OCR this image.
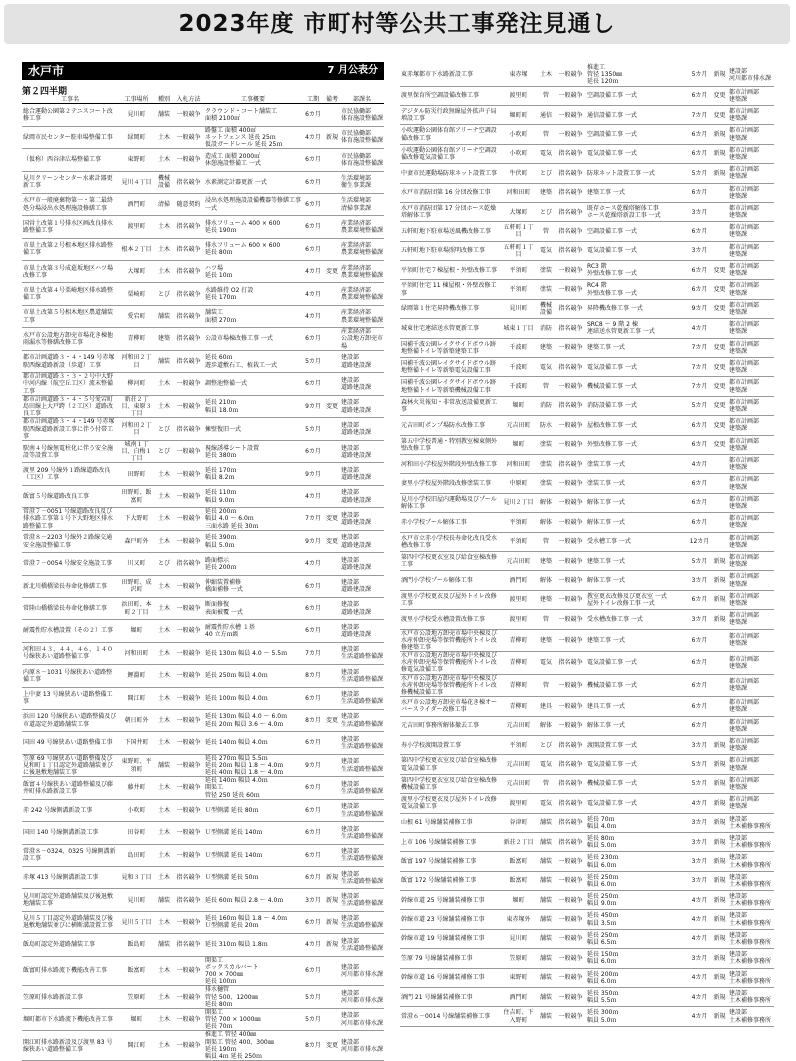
2023年度 市町村等公共工事発注見通し
水戸市	7 月公表分
第２四半期
工事名	工事場所	種別	入札方法	工事概要	工期	備考	部課名
総合運動公園第２テニスコート改修工事	見川町	舗装	一般競争	クラウンド・コート舗装工
面積 2100㎡	6カ月		市民協働部
体育施設整備課
緑岡市民センター駐車場整備工事	緑岡町	土木	一般競争	路盤工 面積 400㎡
ネットフェンス 延長 25ｍ
仮設ガードレール 延長 25ｍ	4カ月	新規	市民協働部
体育施設整備課
（仮称）西谷津広場整備工事	東野町	土木	一般競争	造成工 面積 2000㎡
休憩施設整備工 一式	6カ月		市民協働部
体育施設整備課
見川クリーンセンター水素計器更新工事	見川４丁目	機械設備	指名競争	水素測定計器更新 一式	6カ月		生活環境部
衛生事業課
水戸市一般廃棄物第一・第二最終処分場浸出水処理施設修繕工事	酒門町	清掃	随意契約	浸出水処理施設設備機器等修繕工事 一式	6カ月		生活環境部
清掃事業課
国営土改第１号排水区画改良排水路整備工事	渡里町	土木	指名競争	排水フリューム 400 × 600
延長 190ｍ	6カ月		産業経済部
農業環境整備課
市単土改第２号根本地区排水路整備工事	根本２丁目	土木	指名競争	排水フリューム 600 × 600
延長 80ｍ	6カ月		産業経済部
農業環境整備課
市単土改第３号成莚坂地区ハツ場改修工事	大塚町	土木	指名競争	ハツ場
延長 10ｍ	4カ月	変更	産業経済部
農業環境整備課
市単土改第４号栗崎地区排水路整備工事	栗崎町	とび	指名競争	水路維持 O2 打設
延長 170ｍ	4カ月		産業経済部
農業環境整備課
市単土改第５号相木地区農道舗装工事	愛宕町	舗装	指名競争	舗装工
面積 270ｍ	4カ月		産業経済部
農業環境整備課
水戸市公設地方卸売市場花き棟他雨漏水等修繕改修工事	青柳町	建築	指名競争	公設市場棟改修工事 一式	6カ月		産業経済部
公設地方卸売市場
都市計画道路３・４・149 号赤塚駅西線道路新設（歩道）工事	河和田２丁目	舗装	指名競争	延長 60ｍ
遊歩道敷石工、植栽工一式	5カ月		建設部
道路建設課
都市計画道路３・３・２号中大野中河内線（航空丘工区）流末整備工事	柳河町	土木	一般競争	調整池整備一式	6カ月		建設部
道路建設課
都市計画道路３・４・５号愛宕町島田線上大戸跨（２工区）道路改良工事	新荘２丁目、東原３丁目	土木	一般競争	延長 210ｍ
幅員 18.0ｍ	9カ月	変更	建設部
道路建設課
都市計画道路３・４・149 号赤塚駅西線道路新設工事に伴う付帯工事	河和田２丁目	とび	指名競争	擁壁復旧一式	5カ月		建設部
道路建設課
駅南４号線無電柱化に伴う安全施設等設置工事	城南１丁目、白梅１丁目	とび	一般競争	視線誘導シート設置
延長 380ｍ	6カ月		建設部
道路建設課
渡里 209 号線外１路線道路改良（工区）工事	田野町	土木	一般競争	延長 170ｍ
幅員 8.2ｍ	9カ月		建設部
道路建設課
飯富５号線道路改良工事	田野町、飯富町	土木	一般競争	延長 110ｍ
幅員 9.0ｍ	4カ月		建設部
道路建設課
常澄７－0051 号線道路改良及び排水路工事第１号下大野地区排水路整備工事	下大野町	土木	一般競争	延長 200ｍ
幅員 4.0 ～ 6.0ｍ
三面水路 延長 30ｍ	7カ月	変更	建設部
道路建設課
常澄８－2203 号線外２路線交通安全施設整備工事	森戸町外	土木	一般競争	延長 390ｍ
幅員 5.0ｍ	9カ月	変更	建設部
道路建設課
常澄７－0054 号線安全施設工事	川又町	とび	指名競争	路面標示
延長 200ｍ	4カ月		建設部
道路建設課
新北川橋橋梁長寿命化修繕工事	田野町、成沢町	土木	一般競争	伸縮装置補修
橋面補修 一式	6カ月		建設部
道路建設課
常陸山橋橋梁長寿命化修繕工事	浜田町、本町２丁目	土木	一般競争	断面修復
表面被覆 一式	6カ月		建設部
道路建設課
耐震性貯水槽設置（その２）工事	堀町	土木	一般競争	耐震性貯水槽 １基
40 立方ｍ級	6カ月		建設部
道路建設課
河和田４３、４４、４６、１４０号線狭あい道路整備工事	河和田町	土木	一般競争	延長 130ｍ 幅員 4.0 ～ 5.5ｍ	7カ月		建設部
生活道路整備課
内原８－1031 号線狭あい道路整備工事	鯉淵町	土木	一般競争	延長 250ｍ 幅員 4.0ｍ	8カ月		建設部
生活道路整備課
上中妻 13 号線狭あい道路整備工事	開江町	土木	一般競争	延長 100ｍ 幅員 4.0ｍ	6カ月		建設部
生活道路整備課
浜田 120 号線狭あい道路整備及び市道認定外道路舗装工事	朝日町外	土木	一般競争	延長 130ｍ 幅員 4.0 ～ 6.0ｍ
延長 20ｍ 幅員 3.6 ～ 4.0ｍ	8カ月	変更	建設部
生活道路整備課
国田 49 号線狭あい道路整備工事	下国井町	土木	一般競争	延長 140ｍ 幅員 4.0ｍ	6カ月		建設部
生活道路整備課
笠原 69 号線狭あい道路整備及び見和町１丁目認定外道路舗装並びに後退敷地舗装工事	東野町、平須町	舗装	一般競争	延長 270ｍ 幅員 5.5ｍ
延長 20ｍ 幅員 1.8 ～ 4.0ｍ
延長 40ｍ 幅員 1.8 ～ 4.0ｍ	9カ月		建設部
生活道路整備課
飯富４号線狭あい道路整備及び藤井町排水路新設工事	藤井町	土木	一般競争	延長 140ｍ 幅員 4.0ｍ
開渠工
管径 250 延長 60ｍ	6カ月		建設部
生活道路整備課
赤 242 号線側溝新設工事	小吹町	土木	一般競争	Ｕ型側溝 延長 80ｍ	6カ月		建設部
生活道路整備課
国田 140 号線側溝新設工事	田谷町	土木	一般競争	Ｕ型側溝 延長 140ｍ	6カ月		建設部
生活道路整備課
常澄８－0324、0325 号線側溝新設工事	島田町	土木	一般競争	Ｕ型側溝 延長 140ｍ	6カ月		建設部
生活道路整備課
赤塚 413 号線側溝新設工事	見和３丁目	土木	指名競争	Ｕ型側溝 延長 50ｍ	6カ月	新規	建設部
生活道路整備課
見川町認定外道路舗装及び後退敷地舗装工事	見川町	舗装	指名競争	延長 60ｍ 幅員 2.8 ～ 4.0ｍ	3カ月	新規	建設部
生活道路整備課
見川５丁目認定外道路舗装及び後退敷地舗装並びに横断溝設置工事	見川５丁目	土木	一般競争	延長 160ｍ 幅員 1.8 ～ 4.0ｍ
Ｕ型側溝 延長 20ｍ	6カ月	新規	建設部
生活道路整備課
飯島町認定外道路舗装工事	飯島町	舗装	指名競争	延長 310ｍ 幅員 1.8ｍ	4カ月	新規	建設部
生活道路整備課
飯富町排水路流下機能改善工事	飯富町	土木	一般競争	開渠工
ボックスカルバート
700 × 700㎜
延長 100ｍ	6カ月		建設部
河川都市排水課
笠原町排水路新設工事	笠原町	土木	一般競争	排水樋管
管径 500、1200㎜
延長 80ｍ	5カ月		建設部
河川都市排水課
堀町都市下水路流下機能改善工事	堀町	土木	一般競争	開渠工
管径 700 × 1000㎜
延長 70ｍ	5カ月		建設部
河川都市排水課
開江町排水路新設及び渡里 83 号線狭あい道路整備工事	開江町	土木	一般競争	推進工 管径 400㎜
開渠工 管径 400、300㎜
延長 190ｍ
幅員 4ｍ 延長 250ｍ	8カ月	変更	建設部
河川都市排水課
東赤塚都市下水路新設工事	東赤塚	土木	一般競争	推進工
管径 1350㎜
延長 120ｍ	5カ月	新規	建設部
河川都市排水課
渡里保育所空調設備改修工事	渡里町	管	一般競争	空調設備工事 一式	6カ月	変更	都市計画部
建築課
デジタル防災行政無線屋外拡声子局増設工事	堀町町	通信	一般競争	通信設備工事 一式	7カ月	変更	都市計画部
建築課
小吹運動公園体育館アリーナ空調設備改修工事	小吹町	管	一般競争	空調設備工事 一式	6カ月	新規	都市計画部
建築課
小吹運動公園体育館アリーナ空調設備改修電気設備工事	小吹町	電気	指名競争	電気設備工事 一式	6カ月	新規	都市計画部
建築課
中妻市民運動場防球ネット設置工事	牛伏町	とび	指名競争	防球ネット設置工事 一式	5カ月	新規	都市計画部
建築課
水戸市消防団第 16 分団改修工事	河和田町	建築	指名競争	建築工事 一式	6カ月		都市計画部
建築課
水戸市消防団第 17 分団ホース乾燥塔解体工事	大塚町	とび	指名競争	既存ホース乾燥塔解体工事
ホース乾燥塔新設工事 一式	3カ月		都市計画部
建築課
五軒町地下駐車場送風機改修工事	五軒町１丁目	管	指名競争	空調設備工事 一式	6カ月		都市計画部
建築課
五軒町地下駐車場照明改修工事	五軒町１丁目	電気	指名競争	電気設備工事 一式	3カ月		都市計画部
建築課
平須町住宅７棟屋根・外壁改修工事	平須町	塗装	一般競争	RC3 階
外壁改修工事 一式	6カ月	変更	都市計画部
建築課
平須町住宅 11 棟屋根・外壁改修工事	平須町	塗装	一般競争	RC4 階
外壁改修工事 一式	6カ月	変更	都市計画部
建築課
緑岡第１住宅昇降機改修工事	見川町	機械設備	指名競争	昇降機改修工事 一式	9カ月	変更	都市計画部
建築課
城東住宅連結送水管更新工事	城東１丁目	消防	指名競争	SRC8 ～ 9 階 2 棟
連結送水管更新工事 一式	4カ月		都市計画部
建築課
国補千波公園レイクサイドボウル跡地整備トイレ等新築建築工事	千波町	建築	一般競争	建築工事 一式	7カ月	変更	都市計画部
建築課
国補千波公園レイクサイドボウル跡地整備トイレ等新築電気設備工事	千波町	電気	指名競争	電気設備工事 一式	7カ月	変更	都市計画部
建築課
国補千波公園レイクサイドボウル跡地整備トイレ等新築機械設備工事	千波町	管	一般競争	機械設備工事 一式	7カ月	変更	都市計画部
建築課
森林火災報知・非常放送設備更新工事	堀町	消防	指名競争	消防設備工事 一式	5カ月	変更	都市計画部
建築課
元吉田町ポンプ場防水改修工事	元吉田町	防水	一般競争	屋根改修工事 一式	6カ月	変更	都市計画部
建築課
第五中学校普通・特別教室棟東側外壁改修工事	堀町	塗装	一般競争	外壁改修工事 一式	6カ月	変更	都市計画部
建築課
河和田小学校屋外階段外壁改修工事	河和田町	塗装	指名競争	塗装工事 一式	4カ月		都市計画部
建築課
妻里小学校屋外階段改修塗装工事	中原町	塗装	一般競争	塗装工事 一式	6カ月		都市計画部
建築課
見川小学校旧屋内運動場及びプール解体工事	見川２丁目	解体	一般競争	解体工事 一式	6カ月		都市計画部
建築課
赤小学校プール解体工事	平須町	解体	一般競争	解体工事 一式	6カ月		都市計画部
建築課
水戸市立赤小学校長寿命化改良受水槽改修工事	平須町	管	一般競争	受水槽工事 一式	12カ月		都市計画部
建築課
第四中学校更衣室及び給食室棟改修工事	元吉田町	建築	一般競争	建築工事 一式	5カ月	新規	都市計画部
建築課
酒門小学校プール解体工事	酒門町	解体	一般競争	解体工事 一式	3カ月	新規	都市計画部
建築課
渡里小学校更衣及び屋外トイレ改修工事	渡里町	建築	一般競争	教室更衣改修及び更衣室 一式
屋外トイレ改修工事 一式	6カ月	新規	都市計画部
建築課
渡里小学校受水槽設置改修工事	渡里町	管	一般競争	受水槽改修工事 一式	3カ月	新規	都市計画部
建築課
水戸市公設地方卸売市場中央棟及び水産仲卸売場等保管機能所トイレ改修建築工事	青柳町	建築	一般競争	建築工事 一式	6カ月		都市計画部
建築課
水戸市公設地方卸売市場中央棟及び水産仲卸売場等保管機能所トイレ改修電気設備工事	青柳町	電気	指名競争	電気設備工事 一式	6カ月		都市計画部
建築課
水戸市公設地方卸売市場中央棟及び水産仲卸売場等保管機能所トイレ改修機械設備工事	青柳町	管	一般競争	機械設備工事 一式	6カ月		都市計画部
建築課
水戸市公設地方卸売市場花き棟オーバースライダー改修工事	青柳町	建具	一般競争	建具工事 一式	6カ月		都市計画部
建築課
元吉田町事務所解体撤去工事	元吉田町	解体	一般競争	解体工事 一式	6カ月		都市計画部
建築課
寿小学校渡開設置工事	平須町	とび	指名競争	渡開設置工事 一式	3カ月	新規	都市計画部
建築課
第四中学校更衣室及び給食室棟改修電気設備工事	元吉田町	電気	指名競争	電気設備工事 一式	5カ月	新規	都市計画部
建築課
第四中学校更衣室及び給食室棟改修機械設備工事	元吉田町	管	指名競争	機械設備工事 一式	5カ月	新規	都市計画部
建築課
渡里小学校更衣及び屋外トイレ改修電気設備工事	渡里町	電気	指名競争	電気設備工事 一式	4カ月	新規	都市計画部
建築課
山根 61 号線舗装補修工事	谷津町	舗装	指名競争	延長 70ｍ
幅員 4.0ｍ	3カ月	新規	建設部
土木補修事務所
上市 106 号線舗装補修工事	新荘２丁目	舗装	指名競争	延長 80ｍ
幅員 5.0ｍ	3カ月	新規	建設部
土木補修事務所
飯富 197 号線舗装補修工事	飯富町	舗装	一般競争	延長 230ｍ
幅員 6.0ｍ	3カ月	新規	建設部
土木補修事務所
飯富 172 号線舗装補修工事	飯富町	舗装	一般競争	延長 250ｍ
幅員 6.0ｍ	3カ月	新規	建設部
土木補修事務所
幹線市道 25 号線舗装補修工事	堀町	舗装	一般競争	延長 250ｍ
幅員 9.0ｍ	4カ月	新規	建設部
土木補修事務所
幹線市道 23 号線舗装補修工事	東赤塚外	舗装	一般競争	延長 450ｍ
幅員 3.5ｍ	4カ月	新規	建設部
土木補修事務所
幹線市道 19 号線舗装補修工事	見川町	舗装	一般競争	延長 250ｍ
幅員 6.5ｍ	4カ月	新規	建設部
土木補修事務所
笠原 79 号線舗装補修工事	笠原町	舗装	一般競争	延長 150ｍ
幅員 6.0ｍ	3カ月	新規	建設部
土木補修事務所
幹線市道 16 号線舗装補修工事	東野町	舗装	一般競争	延長 200ｍ
幅員 6.0ｍ	4カ月	新規	建設部
土木補修事務所
酒門 21 号線舗装補修工事	酒門町	舗装	一般競争	延長 350ｍ
幅員 5.5ｍ	4カ月	新規	建設部
土木補修事務所
常澄６－0014 号線舗装補修工事	住吉町、下入野町	舗装	一般競争	延長 300ｍ
幅員 5.0ｍ	4カ月	新規	建設部
土木補修事務所
